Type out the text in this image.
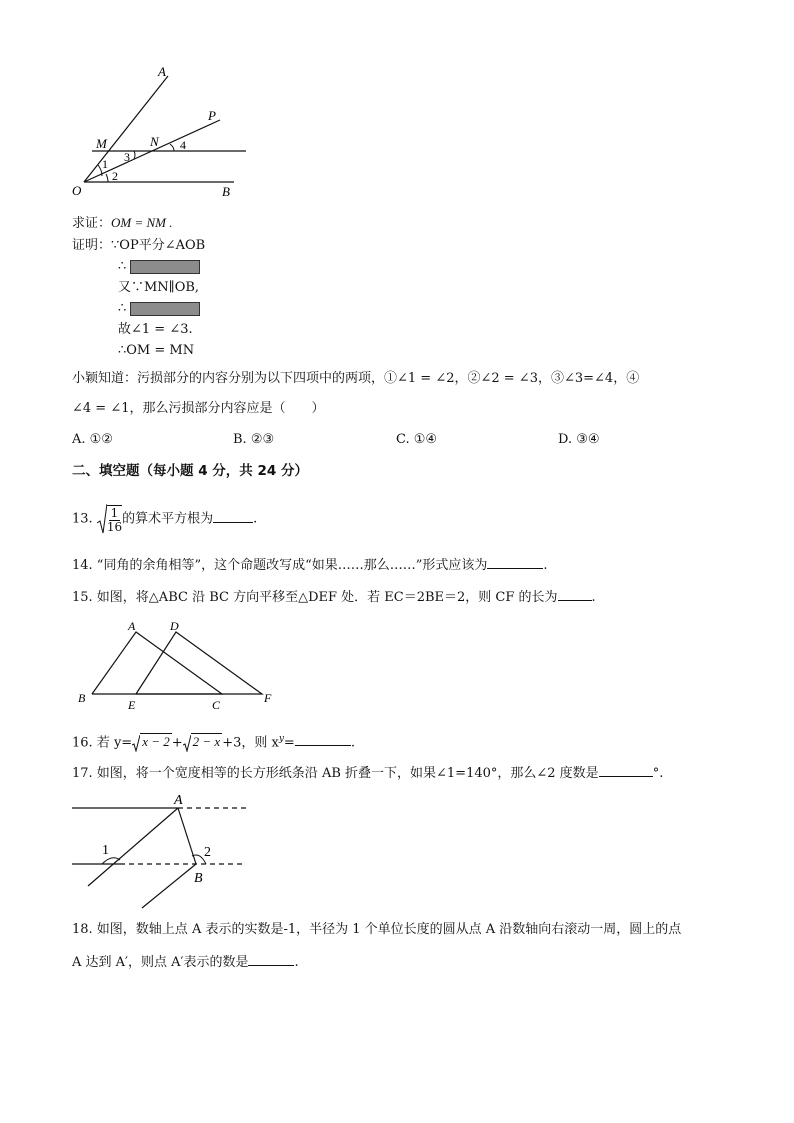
A
P
M	N
O	B
1
2
3
4
求证：OM = NM .
证明：∵OP平分∠AOB
∴
又∵MN∥OB,
∴
故∠1 = ∠3.
∴OM = MN
小颖知道：污损部分的内容分别为以下四项中的两项，①∠1 = ∠2，②∠2 = ∠3，③∠3=∠4，④
∠4 = ∠1，那么污损部分内容应是（　　）
A. ①②	B. ②③	C. ①④	D. ③④
二、填空题（每小题 4 分，共 24 分）
13. $\frac{1}{16}$ 的算术平方根为	.
14. “同角的余角相等”，这个命题改写成“如果……那么……”形式应该为	.
15. 如图，将△ABC 沿 BC 方向平移至△DEF 处．若 EC＝2BE＝2，则 CF 的长为	.
A	D
B	E	C	F
16. 若 y= x − 2 + 2 − x +3，则 $x^y=$	.
17. 如图，将一个宽度相等的长方形纸条沿 AB 折叠一下，如果∠1=140°，那么∠2 度数是	°.
A
B
1	2
18. 如图，数轴上点 A 表示的实数是-1，半径为 1 个单位长度的圆从点 A 沿数轴向右滚动一周，圆上的点
A 达到 A′，则点 A′表示的数是	.
